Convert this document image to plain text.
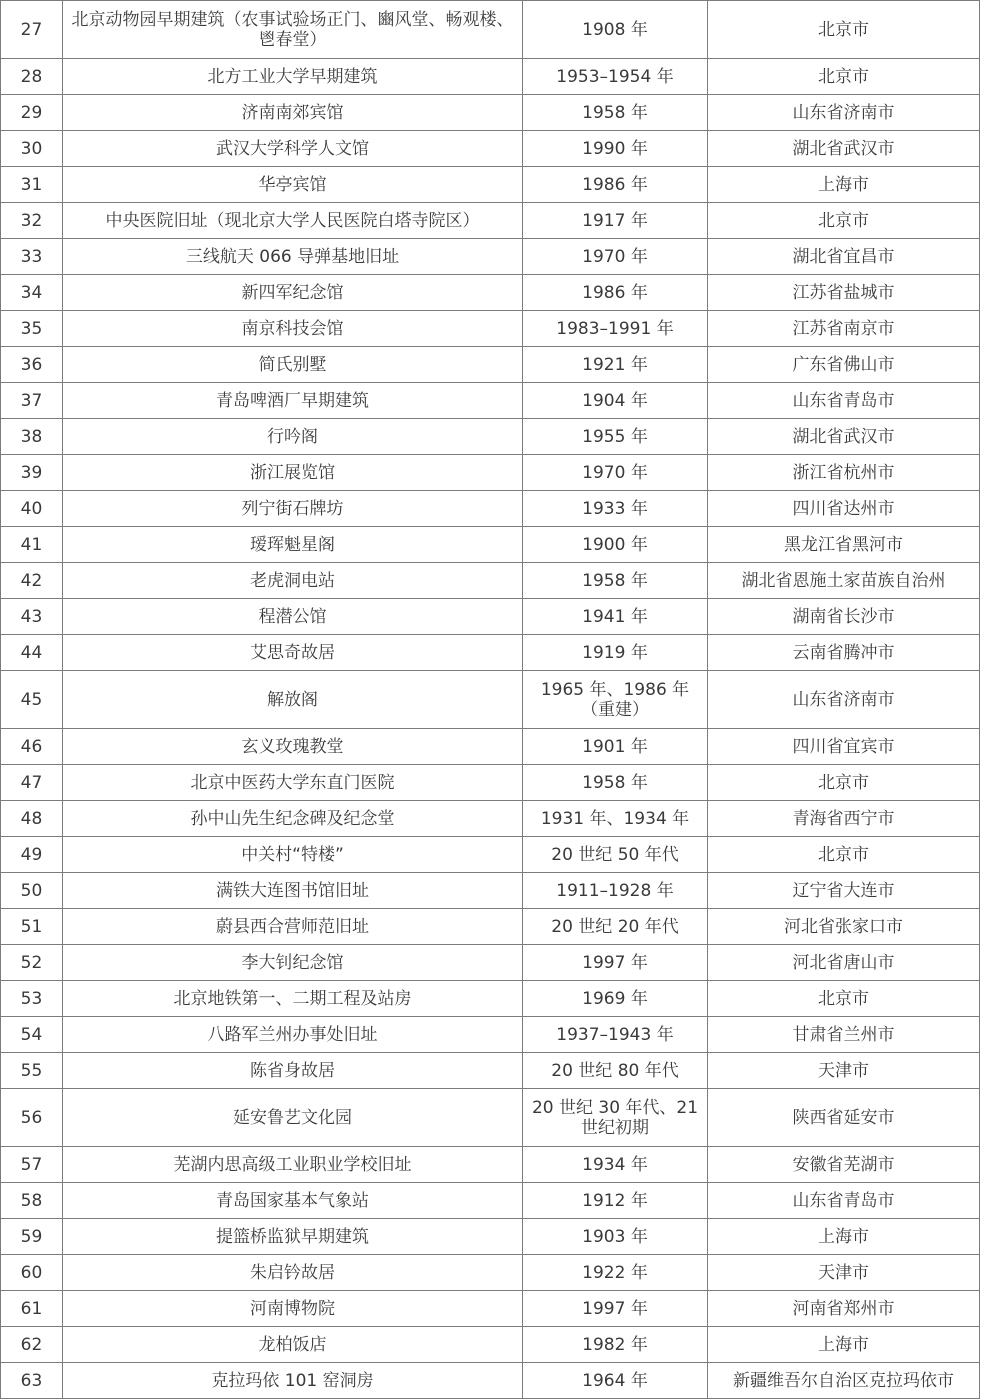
27	北京动物园早期建筑（农事试验场正门、豳风堂、畅观楼、鬯春堂）	1908 年	北京市
28	北方工业大学早期建筑	1953–1954 年	北京市
29	济南南郊宾馆	1958 年	山东省济南市
30	武汉大学科学人文馆	1990 年	湖北省武汉市
31	华亭宾馆	1986 年	上海市
32	中央医院旧址（现北京大学人民医院白塔寺院区）	1917 年	北京市
33	三线航天 066 导弹基地旧址	1970 年	湖北省宜昌市
34	新四军纪念馆	1986 年	江苏省盐城市
35	南京科技会馆	1983–1991 年	江苏省南京市
36	简氏别墅	1921 年	广东省佛山市
37	青岛啤酒厂早期建筑	1904 年	山东省青岛市
38	行吟阁	1955 年	湖北省武汉市
39	浙江展览馆	1970 年	浙江省杭州市
40	列宁街石牌坊	1933 年	四川省达州市
41	瑷珲魁星阁	1900 年	黑龙江省黑河市
42	老虎洞电站	1958 年	湖北省恩施土家苗族自治州
43	程潜公馆	1941 年	湖南省长沙市
44	艾思奇故居	1919 年	云南省腾冲市
45	解放阁	1965 年、1986 年（重建）	山东省济南市
46	玄义玫瑰教堂	1901 年	四川省宜宾市
47	北京中医药大学东直门医院	1958 年	北京市
48	孙中山先生纪念碑及纪念堂	1931 年、1934 年	青海省西宁市
49	中关村“特楼”	20 世纪 50 年代	北京市
50	满铁大连图书馆旧址	1911–1928 年	辽宁省大连市
51	蔚县西合营师范旧址	20 世纪 20 年代	河北省张家口市
52	李大钊纪念馆	1997 年	河北省唐山市
53	北京地铁第一、二期工程及站房	1969 年	北京市
54	八路军兰州办事处旧址	1937–1943 年	甘肃省兰州市
55	陈省身故居	20 世纪 80 年代	天津市
56	延安鲁艺文化园	20 世纪 30 年代、21 世纪初期	陕西省延安市
57	芜湖内思高级工业职业学校旧址	1934 年	安徽省芜湖市
58	青岛国家基本气象站	1912 年	山东省青岛市
59	提篮桥监狱早期建筑	1903 年	上海市
60	朱启钤故居	1922 年	天津市
61	河南博物院	1997 年	河南省郑州市
62	龙柏饭店	1982 年	上海市
63	克拉玛依 101 窑洞房	1964 年	新疆维吾尔自治区克拉玛依市
